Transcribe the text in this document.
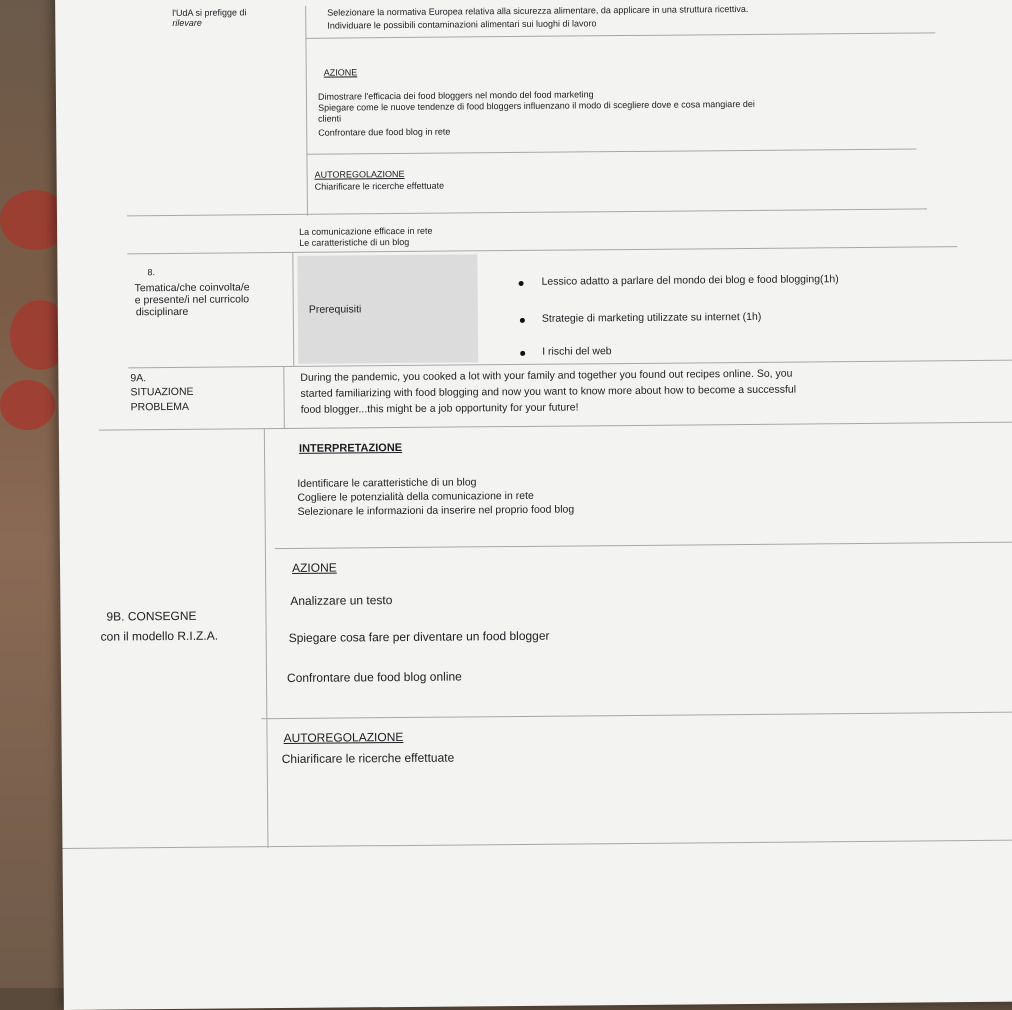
l'UdA si prefigge di
rilevare
Selezionare la normativa Europea relativa alla sicurezza alimentare, da applicare in una struttura ricettiva.
Individuare le possibili contaminazioni alimentari sui luoghi di lavoro
AZIONE
Dimostrare l'efficacia dei food bloggers nel mondo del food marketing
Spiegare come le nuove tendenze di food bloggers influenzano il modo di scegliere dove e cosa mangiare dei
clienti
Confrontare due food blog in rete
AUTOREGOLAZIONE
Chiarificare le ricerche effettuate
La comunicazione efficace in rete
Le caratteristiche di un blog
8.
Tematica/che coinvolta/e
e presente/i nel curricolo
disciplinare	Prerequisiti
Lessico adatto a parlare del mondo dei blog e food blogging(1h)
Strategie di marketing utilizzate su internet (1h)
I rischi del web
9A.
SITUAZIONE
PROBLEMA
During the pandemic, you cooked a lot with your family and together you found out recipes online. So, you
started familiarizing with food blogging and now you want to know more about how to become a successful
food blogger...this might be a job opportunity for your future!
9B. CONSEGNE
con il modello R.I.Z.A.
INTERPRETAZIONE
Identificare le caratteristiche di un blog
Cogliere le potenzialità della comunicazione in rete
Selezionare le informazioni da inserire nel proprio food blog
AZIONE
Analizzare un testo
Spiegare cosa fare per diventare un food blogger
Confrontare due food blog online
AUTOREGOLAZIONE
Chiarificare le ricerche effettuate
